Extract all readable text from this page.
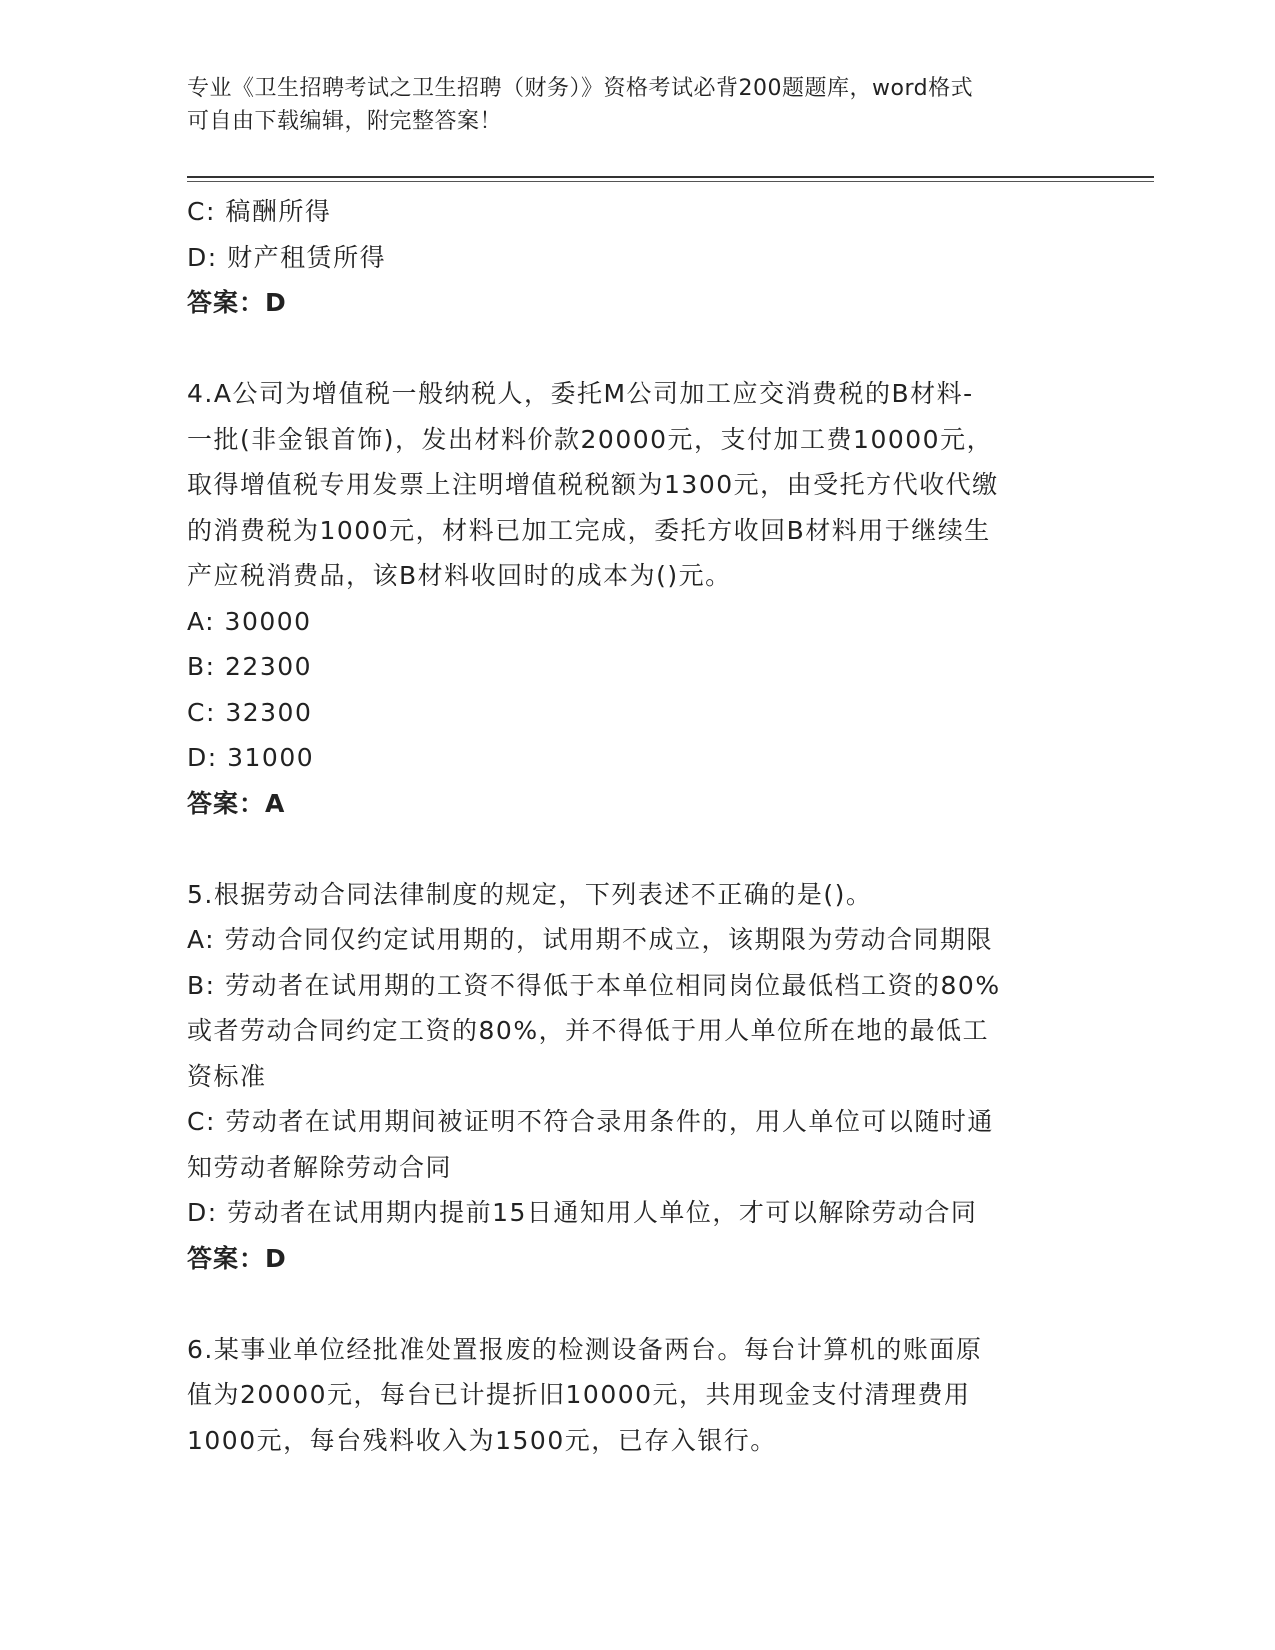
专业《卫生招聘考试之卫生招聘（财务）》资格考试必背200题题库，word格式
可自由下载编辑，附完整答案！
C: 稿酬所得
D: 财产租赁所得
答案：D
4.A公司为增值税一般纳税人，委托M公司加工应交消费税的B材料-
一批(非金银首饰)，发出材料价款20000元，支付加工费10000元，
取得增值税专用发票上注明增值税税额为1300元，由受托方代收代缴
的消费税为1000元，材料已加工完成，委托方收回B材料用于继续生
产应税消费品，该B材料收回时的成本为()元。
A: 30000
B: 22300
C: 32300
D: 31000
答案：A
5.根据劳动合同法律制度的规定，下列表述不正确的是()。
A: 劳动合同仅约定试用期的，试用期不成立，该期限为劳动合同期限
B: 劳动者在试用期的工资不得低于本单位相同岗位最低档工资的80%
或者劳动合同约定工资的80%，并不得低于用人单位所在地的最低工
资标准
C: 劳动者在试用期间被证明不符合录用条件的，用人单位可以随时通
知劳动者解除劳动合同
D: 劳动者在试用期内提前15日通知用人单位，才可以解除劳动合同
答案：D
6.某事业单位经批准处置报废的检测设备两台。每台计算机的账面原
值为20000元，每台已计提折旧10000元，共用现金支付清理费用
1000元，每台残料收入为1500元，已存入银行。
